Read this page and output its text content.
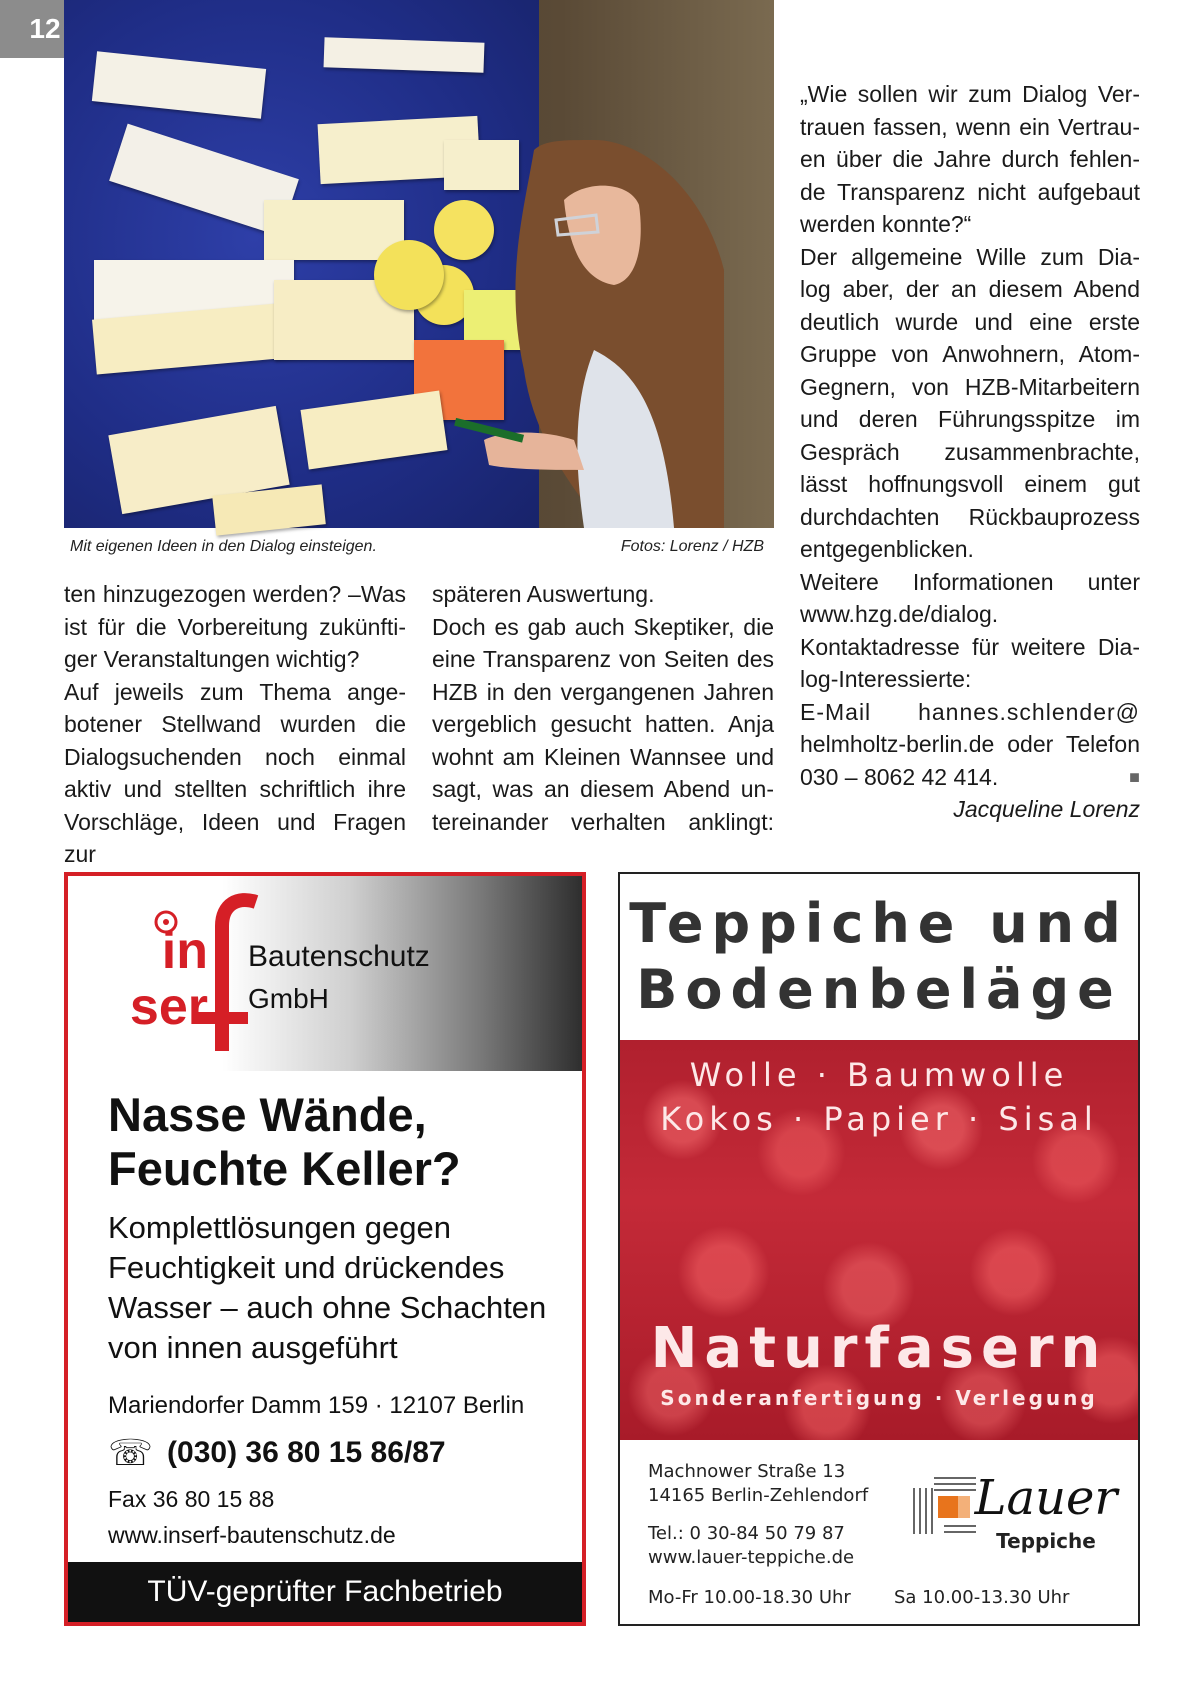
12
Mit eigenen Ideen in den Dialog einsteigen.	Fotos: Lorenz / HZB

ten hinzugezogen werden? –Was

ist für die Vorbereitung zukünfti-

ger Veranstaltungen wichtig?

Auf jeweils zum Thema ange-

botener Stellwand wurden die

Dialogsuchenden noch einmal

aktiv und stellten schriftlich ihre

Vorschläge, Ideen und Fragen zur

späteren Auswertung.

Doch es gab auch Skeptiker, die

eine Transparenz von Seiten des

HZB in den vergangenen Jahren

vergeblich gesucht hatten. Anja

wohnt am Kleinen Wannsee und

sagt, was an diesem Abend un-

tereinander verhalten anklingt:

„Wie sollen wir zum Dialog Ver-

trauen fassen, wenn ein Vertrau-

en über die Jahre durch fehlen-

de Transparenz nicht aufgebaut

werden konnte?“

Der allgemeine Wille zum Dia-

log aber, der an diesem Abend

deutlich wurde und eine erste

Gruppe von Anwohnern, Atom-

Gegnern, von HZB-Mitarbeitern

und deren Führungsspitze im

Gespräch zusammenbrachte,

lässt hoffnungsvoll einem gut

durchdachten Rückbauprozess

entgegenblicken.

Weitere Informationen unter

www.hzg.de/dialog.

Kontaktadresse für weitere Dia-

log-Interessierte:

E-Mail hannes.schlender@

helmholtz-berlin.de oder Telefon

030 – 8062 42 414.	■

Jacqueline Lorenz

in
ser
Bautenschutz
GmbH
Nasse Wände,
Feuchte Keller?
Komplettlösungen gegen
Feuchtigkeit und drückendes
Wasser – auch ohne Schachten
von innen ausgeführt
Mariendorfer Damm 159 · 12107 Berlin
☏ (030) 36 80 15 86/87
Fax 36 80 15 88
www.inserf-bautenschutz.de
TÜV-geprüfter Fachbetrieb
Teppiche und
Bodenbeläge
Wolle · Baumwolle
Kokos · Papier · Sisal
Naturfasern
Sonderanfertigung · Verlegung
Machnower Straße 13
14165 Berlin-Zehlendorf
Tel.: 0 30-84 50 79 87
www.lauer-teppiche.de
Mo-Fr 10.00-18.30 Uhr Sa 10.00-13.30 Uhr
Lauer
Teppiche
